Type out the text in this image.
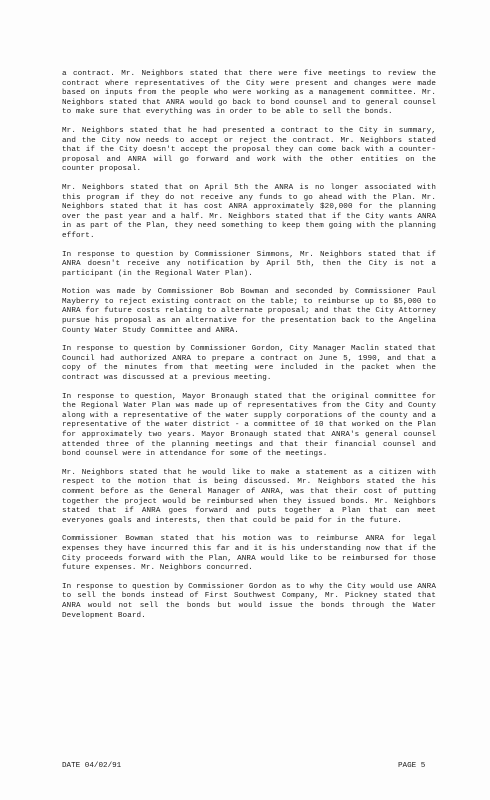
a contract. Mr. Neighbors stated that there were five meetings to review the contract where representatives of the City were present and changes were made based on inputs from the people who were working as a management committee. Mr. Neighbors stated that ANRA would go back to bond counsel and to general counsel to make sure that everything was in order to be able to sell the bonds.

Mr. Neighbors stated that he had presented a contract to the City in summary, and the City now needs to accept or reject the contract. Mr. Neighbors stated that if the City doesn't accept the proposal they can come back with a counter-proposal and ANRA will go forward and work with the other entities on the counter proposal.

Mr. Neighbors stated that on April 5th the ANRA is no longer associated with this program if they do not receive any funds to go ahead with the Plan. Mr. Neighbors stated that it has cost ANRA approximately $20,000 for the planning over the past year and a half. Mr. Neighbors stated that if the City wants ANRA in as part of the Plan, they need something to keep them going with the planning effort.

In response to question by Commissioner Simmons, Mr. Neighbors stated that if ANRA doesn't receive any notification by April 5th, then the City is not a participant (in the Regional Water Plan).

Motion was made by Commissioner Bob Bowman and seconded by Commissioner Paul Mayberry to reject existing contract on the table; to reimburse up to $5,000 to ANRA for future costs relating to alternate proposal; and that the City Attorney pursue his proposal as an alternative for the presentation back to the Angelina County Water Study Committee and ANRA.

In response to question by Commissioner Gordon, City Manager Maclin stated that Council had authorized ANRA to prepare a contract on June 5, 1990, and that a copy of the minutes from that meeting were included in the packet when the contract was discussed at a previous meeting.

In response to question, Mayor Bronaugh stated that the original committee for the Regional Water Plan was made up of representatives from the City and County along with a representative of the water supply corporations of the county and a representative of the water district - a committee of 10 that worked on the Plan for approximately two years. Mayor Bronaugh stated that ANRA's general counsel attended three of the planning meetings and that their financial counsel and bond counsel were in attendance for some of the meetings.

Mr. Neighbors stated that he would like to make a statement as a citizen with respect to the motion that is being discussed. Mr. Neighbors stated the his comment before as the General Manager of ANRA, was that their cost of putting together the project would be reimbursed when they issued bonds. Mr. Neighbors stated that if ANRA goes forward and puts together a Plan that can meet everyones goals and interests, then that could be paid for in the future.

Commissioner Bowman stated that his motion was to reimburse ANRA for legal expenses they have incurred this far and it is his understanding now that if the City proceeds forward with the Plan, ANRA would like to be reimbursed for those future expenses. Mr. Neighbors concurred.

In response to question by Commissioner Gordon as to why the City would use ANRA to sell the bonds instead of First Southwest Company, Mr. Pickney stated that ANRA would not sell the bonds but would issue the bonds through the Water Development Board.

DATE 04/02/91	PAGE 5
